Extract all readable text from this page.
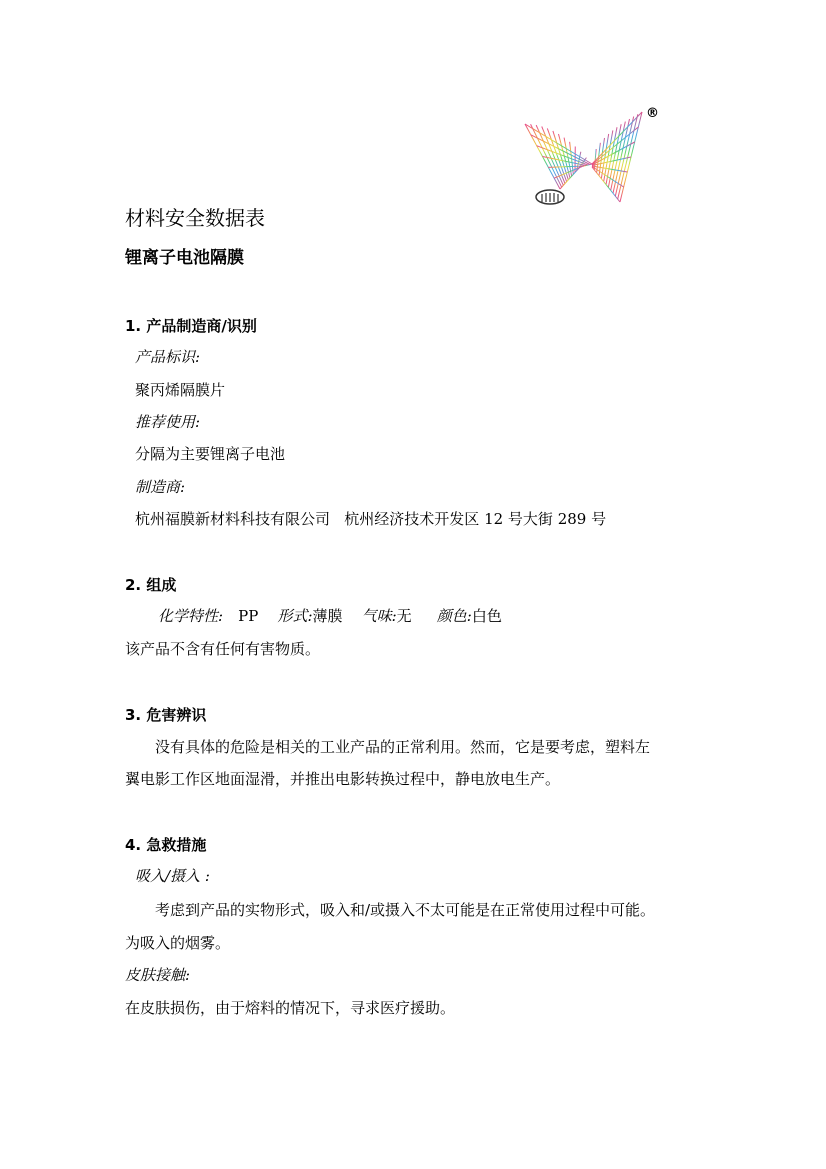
®
材料安全数据表
锂离子电池隔膜
1. 产品制造商/识别
产品标识:
聚丙烯隔膜片
推荐使用:
分隔为主要锂离子电池
制造商:
杭州福膜新材料科技有限公司   杭州经济技术开发区 12 号大街 289 号
2. 组成
化学特性: PP 形式:薄膜 气味:无 颜色:白色
该产品不含有任何有害物质。
3. 危害辨识
没有具体的危险是相关的工业产品的正常利用。然而，它是要考虑，塑料左
翼电影工作区地面湿滑，并推出电影转换过程中，静电放电生产。
4. 急救措施
吸入/摄入 :
考虑到产品的实物形式，吸入和/或摄入不太可能是在正常使用过程中可能。
为吸入的烟雾。
皮肤接触:
在皮肤损伤，由于熔料的情况下，寻求医疗援助。
